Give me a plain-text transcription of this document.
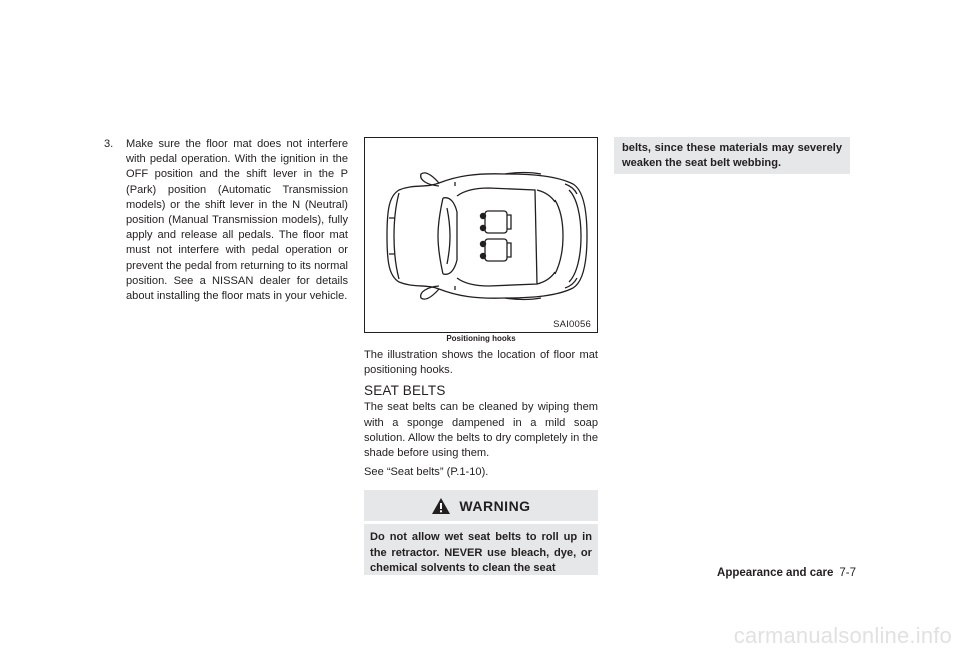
3. Make sure the floor mat does not interfere with pedal operation. With the ignition in the OFF position and the shift lever in the P (Park) position (Automatic Transmission models) or the shift lever in the N (Neutral) position (Manual Transmission models), fully apply and release all pedals. The floor mat must not interfere with pedal operation or prevent the pedal from returning to its normal position. See a NISSAN dealer for details about installing the floor mats in your vehicle.
SAI0056
Positioning hooks

The illustration shows the location of floor mat positioning hooks.

SEAT BELTS

The seat belts can be cleaned by wiping them with a sponge dampened in a mild soap solution. Allow the belts to dry completely in the shade before using them.

See “Seat belts” (P.1-10).

WARNING
Do not allow wet seat belts to roll up in the retractor. NEVER use bleach, dye, or chemical solvents to clean the seat
belts, since these materials may severely weaken the seat belt webbing.
Appearance and care 7-7
carmanualsonline.info
